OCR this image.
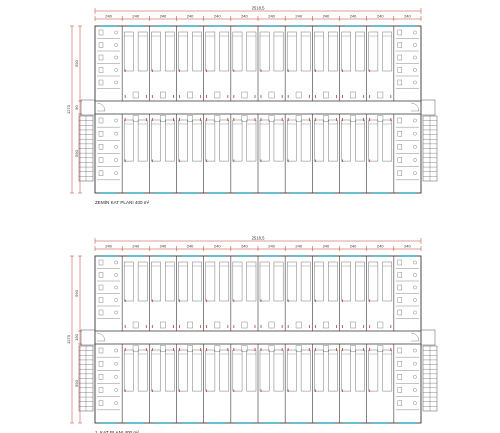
2518,5
240	240	240	240	240	240	240	240	240	240	240	240
1270
590
90
590
ZEMİN KAT PLANI 400 m²
2518,5
240	240	240	240	240	240	240	240	240	240	240	240
1270
590
190
590
1. KAT PLANI 400 m²
